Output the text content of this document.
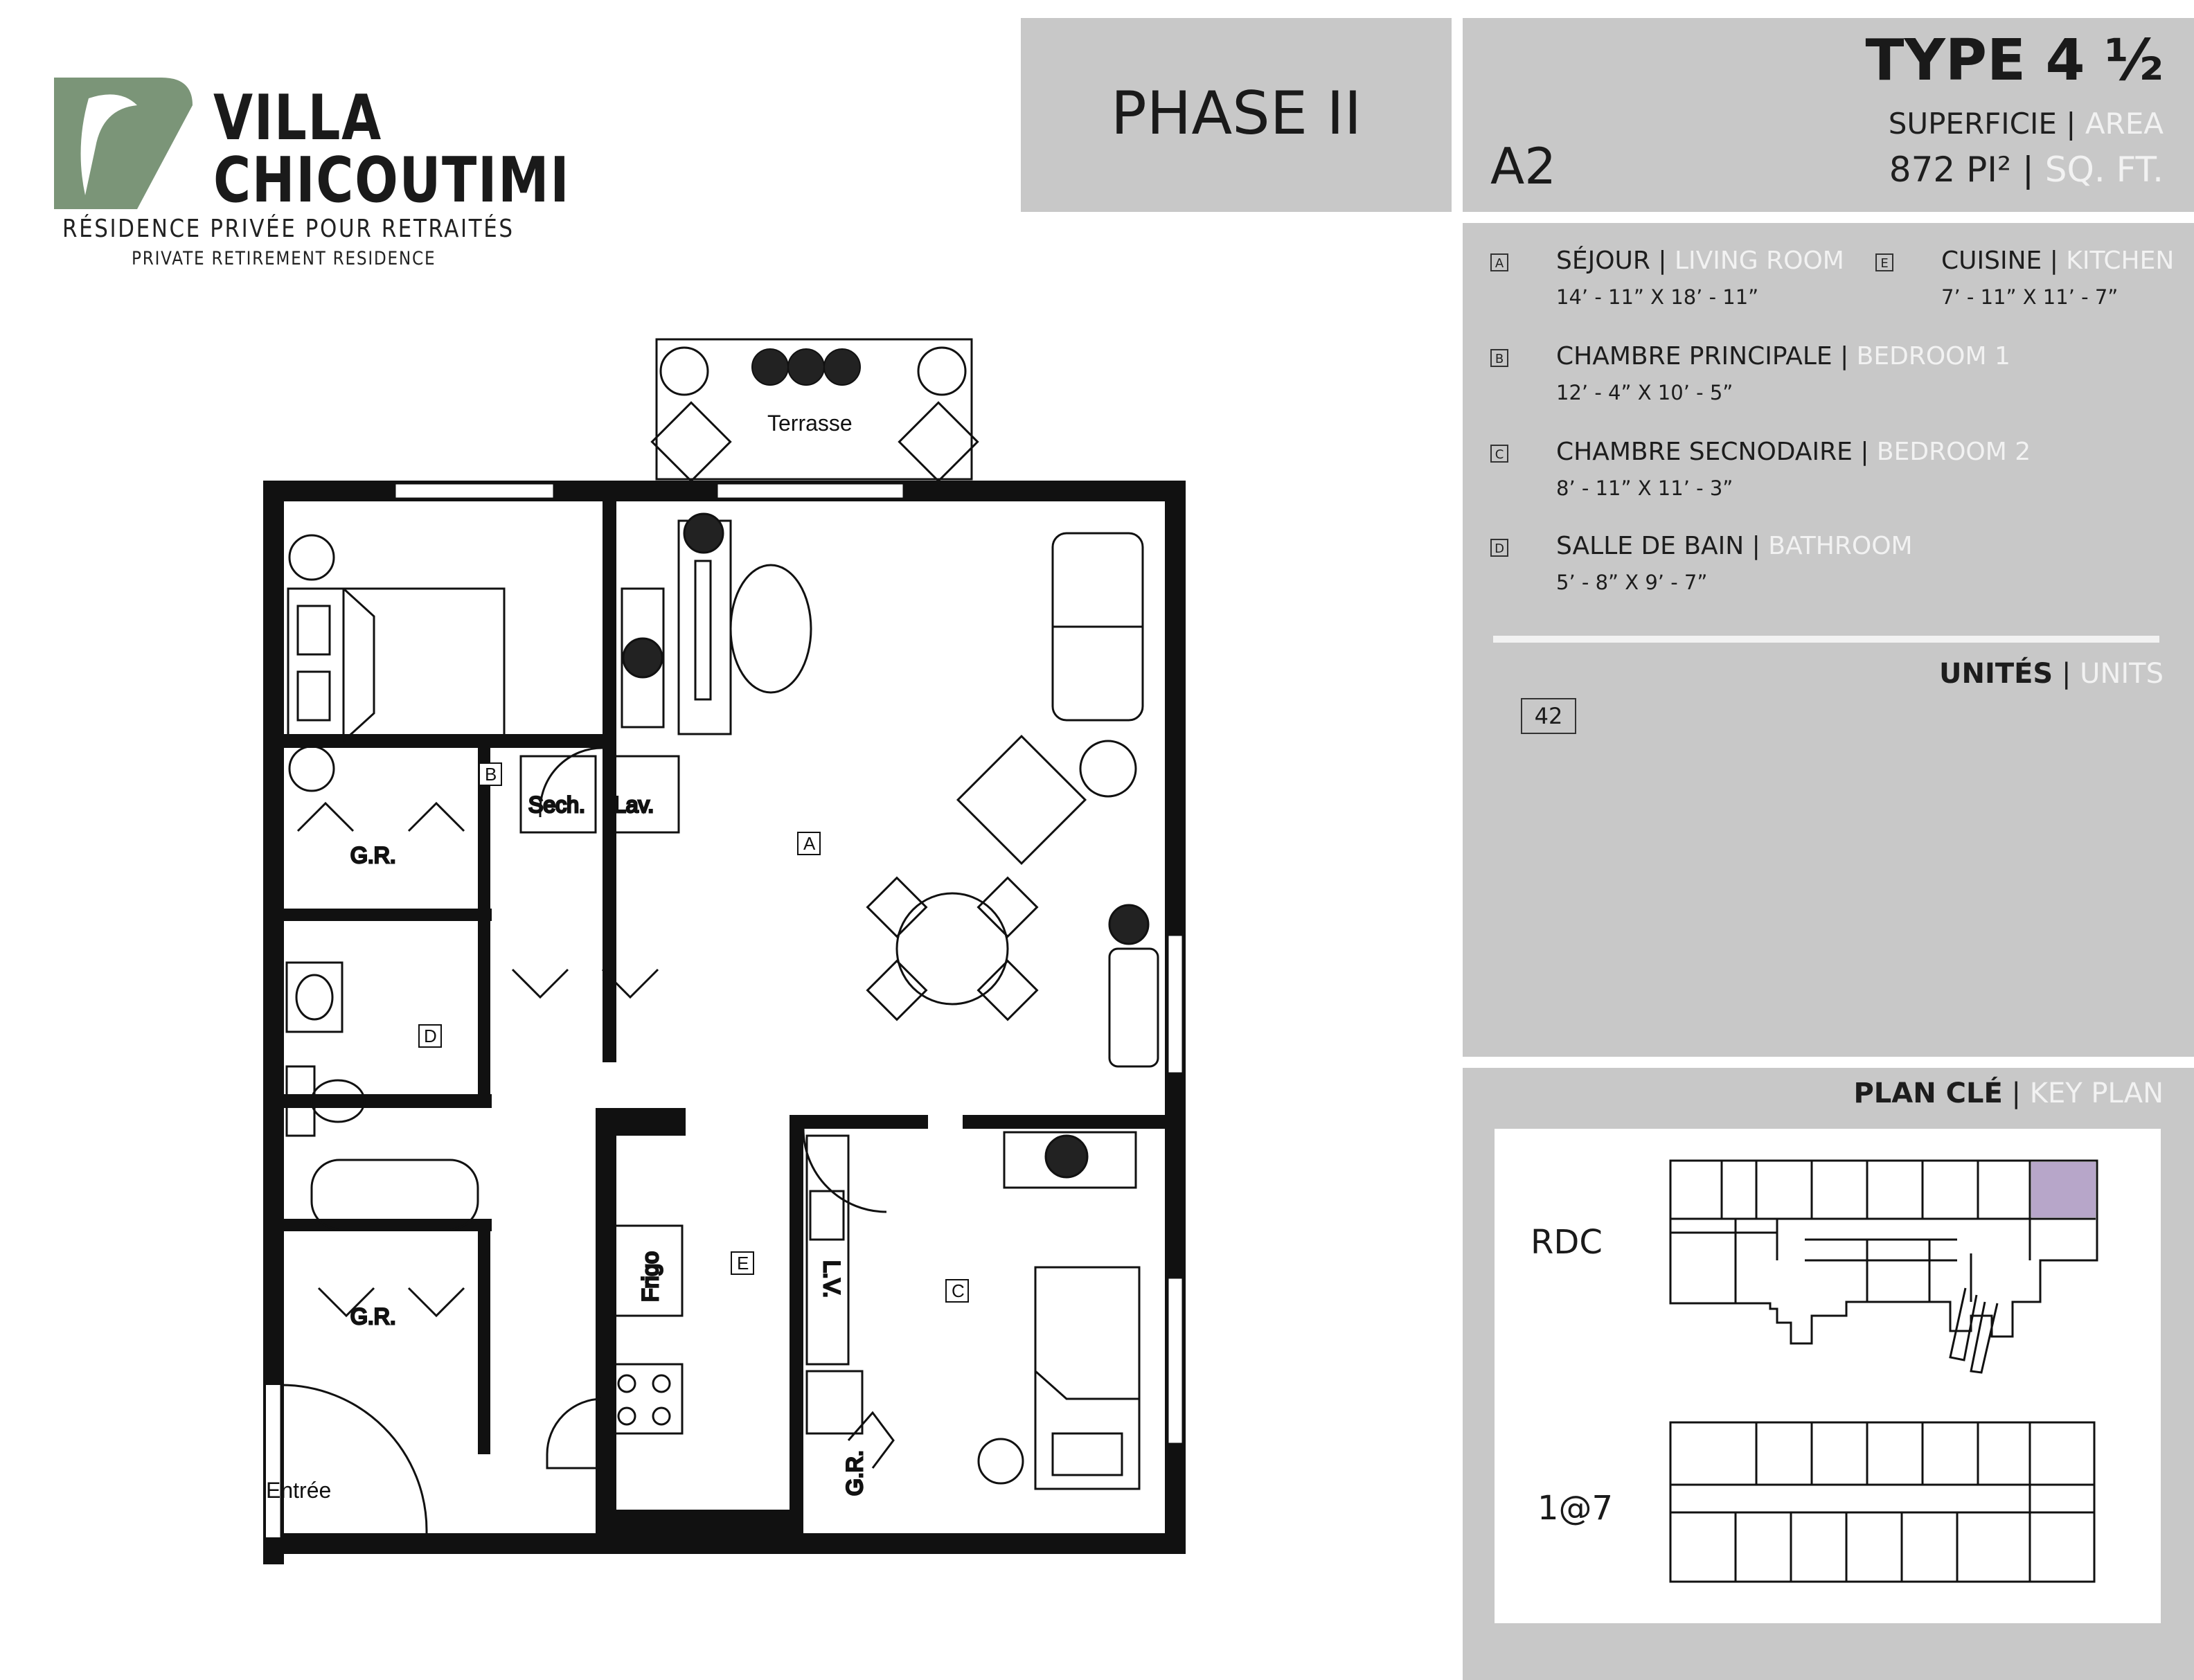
VILLA
CHICOUTIMI
RÉSIDENCE PRIVÉE POUR RETRAITÉS
PRIVATE RETIREMENT RESIDENCE
PHASE II
A2
TYPE 4 ½
SUPERFICIE | AREA
872 PI² | SQ. FT.
A SÉJOUR | LIVING ROOM
14’ - 11” X 18’ - 11”
E CUISINE | KITCHEN
7’ - 11” X 11’ - 7”
B CHAMBRE PRINCIPALE | BEDROOM 1
12’ - 4” X 10’ - 5”
C CHAMBRE SECNODAIRE | BEDROOM 2
8’ - 11” X 11’ - 3”
D SALLE DE BAIN | BATHROOM
5’ - 8” X 9’ - 7”
UNITÉS | UNITS
42
PLAN CLÉ | KEY PLAN
RDC
1@7
Terrasse
Sech. Lav.
G.R.
G.R.
Frigo	L.V.
G.R.
B
A
D
E
C
Entrée
